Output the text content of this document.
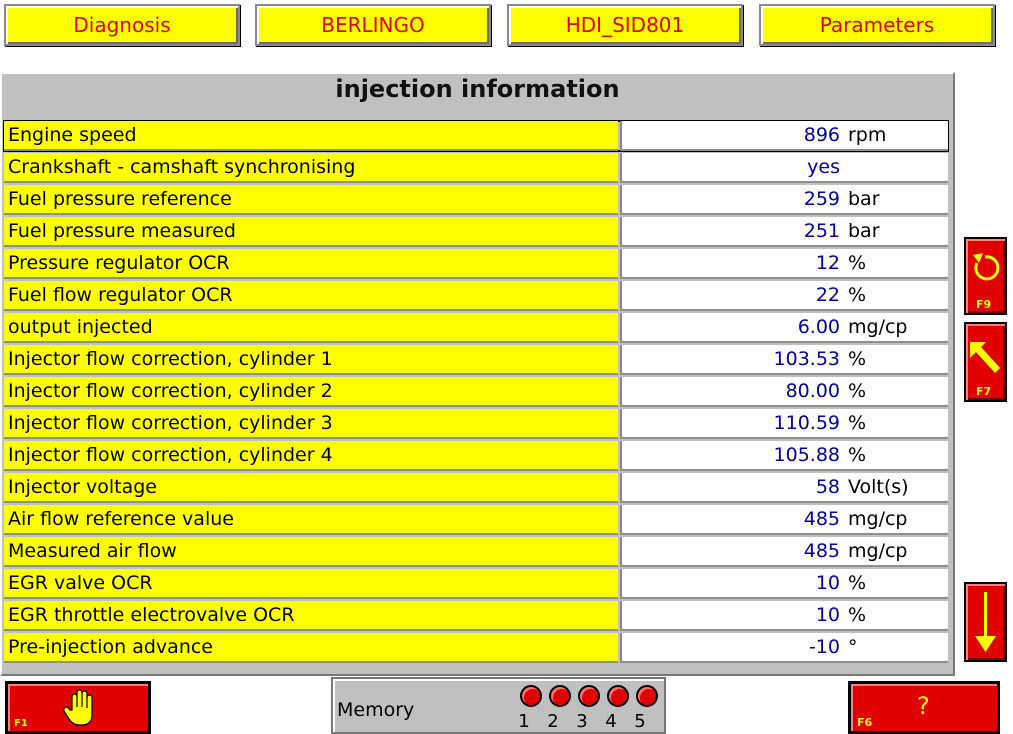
Diagnosis	BERLINGO	HDI_SID801	Parameters
injection information
Engine speed	896 rpm
Crankshaft - camshaft synchronising	yes
Fuel pressure reference	259 bar
Fuel pressure measured	251 bar
Pressure regulator OCR	12 %
Fuel flow regulator OCR	22 %
output injected	6.00 mg/cp
Injector flow correction, cylinder 1	103.53 %
Injector flow correction, cylinder 2	80.00 %
Injector flow correction, cylinder 3	110.59 %
Injector flow correction, cylinder 4	105.88 %
Injector voltage	58 Volt(s)
Air flow reference value	485 mg/cp
Measured air flow	485 mg/cp
EGR valve OCR	10 %
EGR throttle electrovalve OCR	10 %
Pre-injection advance	-10 °
F9
F7
F1
Memory
1 2 3 4 5
?
F6
